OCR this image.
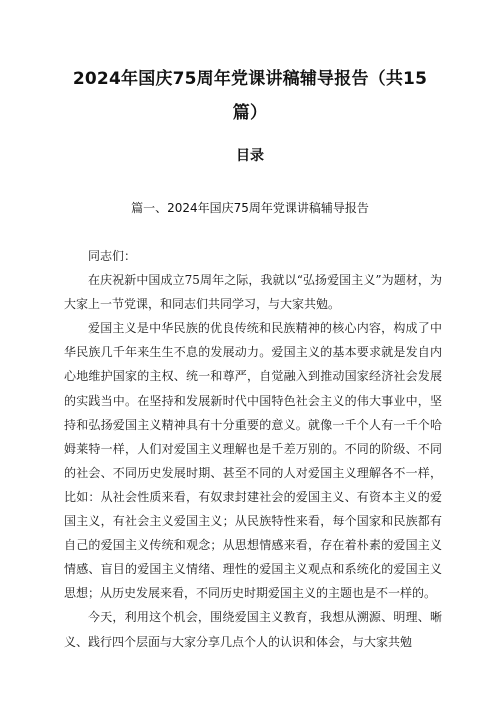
2024年国庆75周年党课讲稿辅导报告（共15
篇）
目录
篇一、2024年国庆75周年党课讲稿辅导报告

同志们：

在庆祝新中国成立75周年之际，我就以“弘扬爱国主义”为题材，为大家上一节党课，和同志们共同学习，与大家共勉。

爱国主义是中华民族的优良传统和民族精神的核心内容，构成了中华民族几千年来生生不息的发展动力。爱国主义的基本要求就是发自内心地维护国家的主权、统一和尊严，自觉融入到推动国家经济社会发展的实践当中。在坚持和发展新时代中国特色社会主义的伟大事业中，坚持和弘扬爱国主义精神具有十分重要的意义。就像一千个人有一千个哈姆莱特一样，人们对爱国主义理解也是千差万别的。不同的阶级、不同的社会、不同历史发展时期、甚至不同的人对爱国主义理解各不一样，比如：从社会性质来看，有奴隶封建社会的爱国主义、有资本主义的爱国主义，有社会主义爱国主义；从民族特性来看，每个国家和民族都有自己的爱国主义传统和观念；从思想情感来看，存在着朴素的爱国主义情感、盲目的爱国主义情绪、理性的爱国主义观点和系统化的爱国主义思想；从历史发展来看，不同历史时期爱国主义的主题也是不一样的。

今天，利用这个机会，围绕爱国主义教育，我想从溯源、明理、晰义、践行四个层面与大家分享几点个人的认识和体会，与大家共勉
